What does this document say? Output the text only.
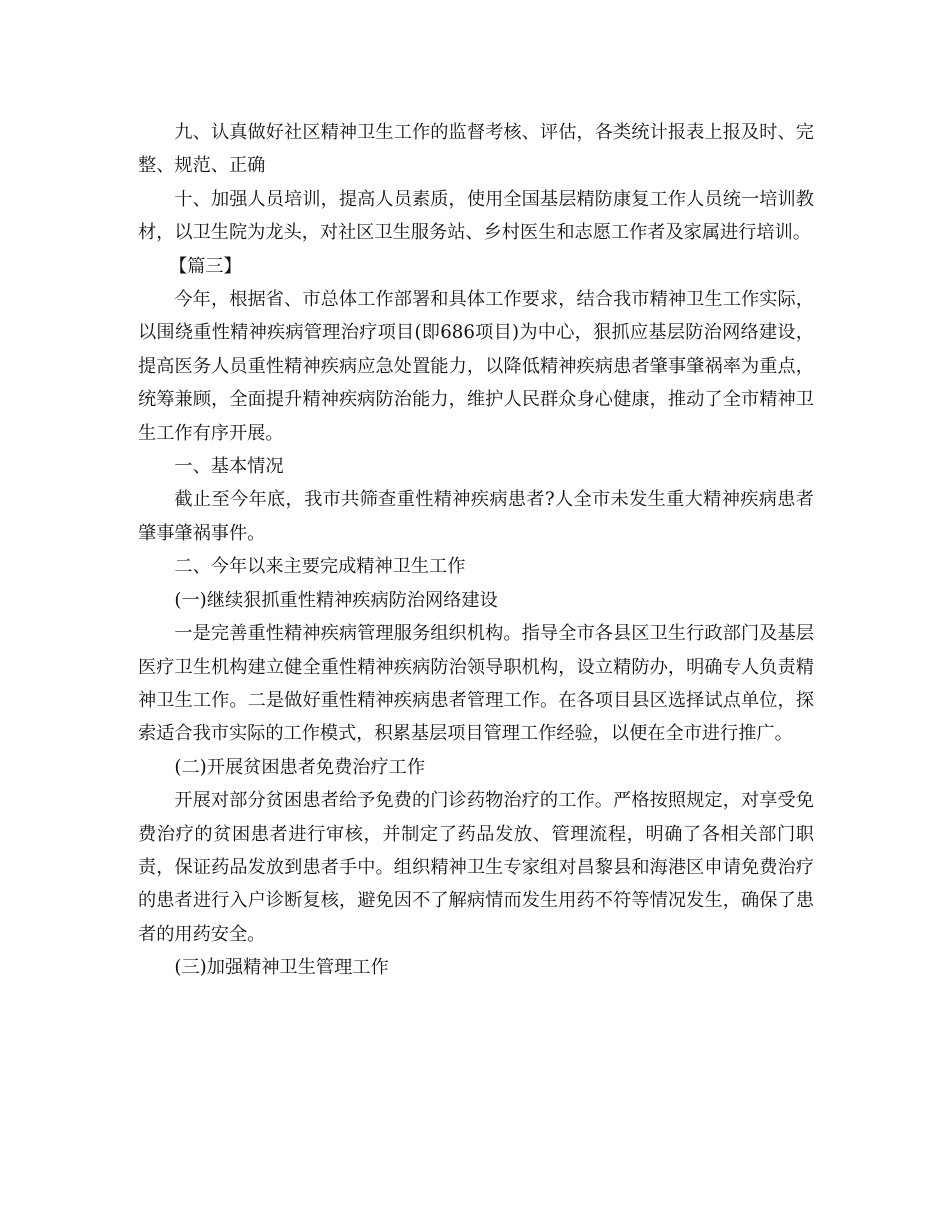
九、认真做好社区精神卫生工作的监督考核、评估，各类统计报表上报及时、完整、规范、正确

十、加强人员培训，提高人员素质，使用全国基层精防康复工作人员统一培训教材，以卫生院为龙头，对社区卫生服务站、乡村医生和志愿工作者及家属进行培训。

【篇三】

今年，根据省、市总体工作部署和具体工作要求，结合我市精神卫生工作实际，以围绕重性精神疾病管理治疗项目(即686项目)为中心，狠抓应基层防治网络建设，提高医务人员重性精神疾病应急处置能力，以降低精神疾病患者肇事肇祸率为重点，统筹兼顾，全面提升精神疾病防治能力，维护人民群众身心健康，推动了全市精神卫生工作有序开展。

一、基本情况

截止至今年底，我市共筛查重性精神疾病患者?人全市未发生重大精神疾病患者肇事肇祸事件。

二、今年以来主要完成精神卫生工作

(一)继续狠抓重性精神疾病防治网络建设

一是完善重性精神疾病管理服务组织机构。指导全市各县区卫生行政部门及基层医疗卫生机构建立健全重性精神疾病防治领导职机构，设立精防办，明确专人负责精神卫生工作。二是做好重性精神疾病患者管理工作。在各项目县区选择试点单位，探索适合我市实际的工作模式，积累基层项目管理工作经验，以便在全市进行推广。

(二)开展贫困患者免费治疗工作

开展对部分贫困患者给予免费的门诊药物治疗的工作。严格按照规定，对享受免费治疗的贫困患者进行审核，并制定了药品发放、管理流程，明确了各相关部门职责，保证药品发放到患者手中。组织精神卫生专家组对昌黎县和海港区申请免费治疗的患者进行入户诊断复核，避免因不了解病情而发生用药不符等情况发生，确保了患者的用药安全。

(三)加强精神卫生管理工作
